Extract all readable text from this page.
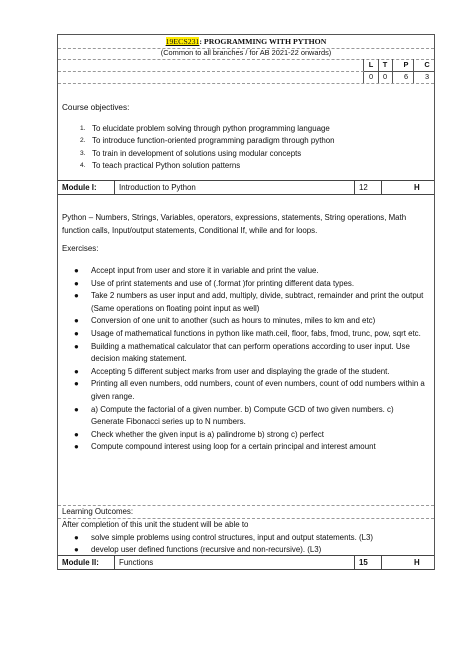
19ECS231: PROGRAMMING WITH PYTHON
(Common to all branches / for AB 2021-22 onwards)
L	T	P	C
0	0	6	3
Course objectives:
1. To elucidate problem solving through python programming language
2. To introduce function-oriented programming paradigm through python
3. To train in development of solutions using modular concepts
4. To teach practical Python solution patterns
Module I:	Introduction to Python	12	H
Python – Numbers, Strings, Variables, operators, expressions, statements, String operations, Math function calls, Input/output statements, Conditional If, while and for loops.
Exercises:
● Accept input from user and store it in variable and print the value.
● Use of print statements and use of (.format )for printing different data types.
● Take 2 numbers as user input and add, multiply, divide, subtract, remainder and print the output (Same operations on floating point input as well)
● Conversion of one unit to another (such as hours to minutes, miles to km and etc)
● Usage of mathematical functions in python like math.ceil, floor, fabs, fmod, trunc, pow, sqrt etc.
● Building a mathematical calculator that can perform operations according to user input. Use decision making statement.
● Accepting 5 different subject marks from user and displaying the grade of the student.
● Printing all even numbers, odd numbers, count of even numbers, count of odd numbers within a given range.
● a) Compute the factorial of a given number. b) Compute GCD of two given numbers. c) Generate Fibonacci series up to N numbers.
● Check whether the given input is a) palindrome b) strong c) perfect
● Compute compound interest using loop for a certain principal and interest amount
Learning Outcomes:
After completion of this unit the student will be able to
● solve simple problems using control structures, input and output statements. (L3)
● develop user defined functions (recursive and non-recursive). (L3)
Module II:	Functions	15	H
